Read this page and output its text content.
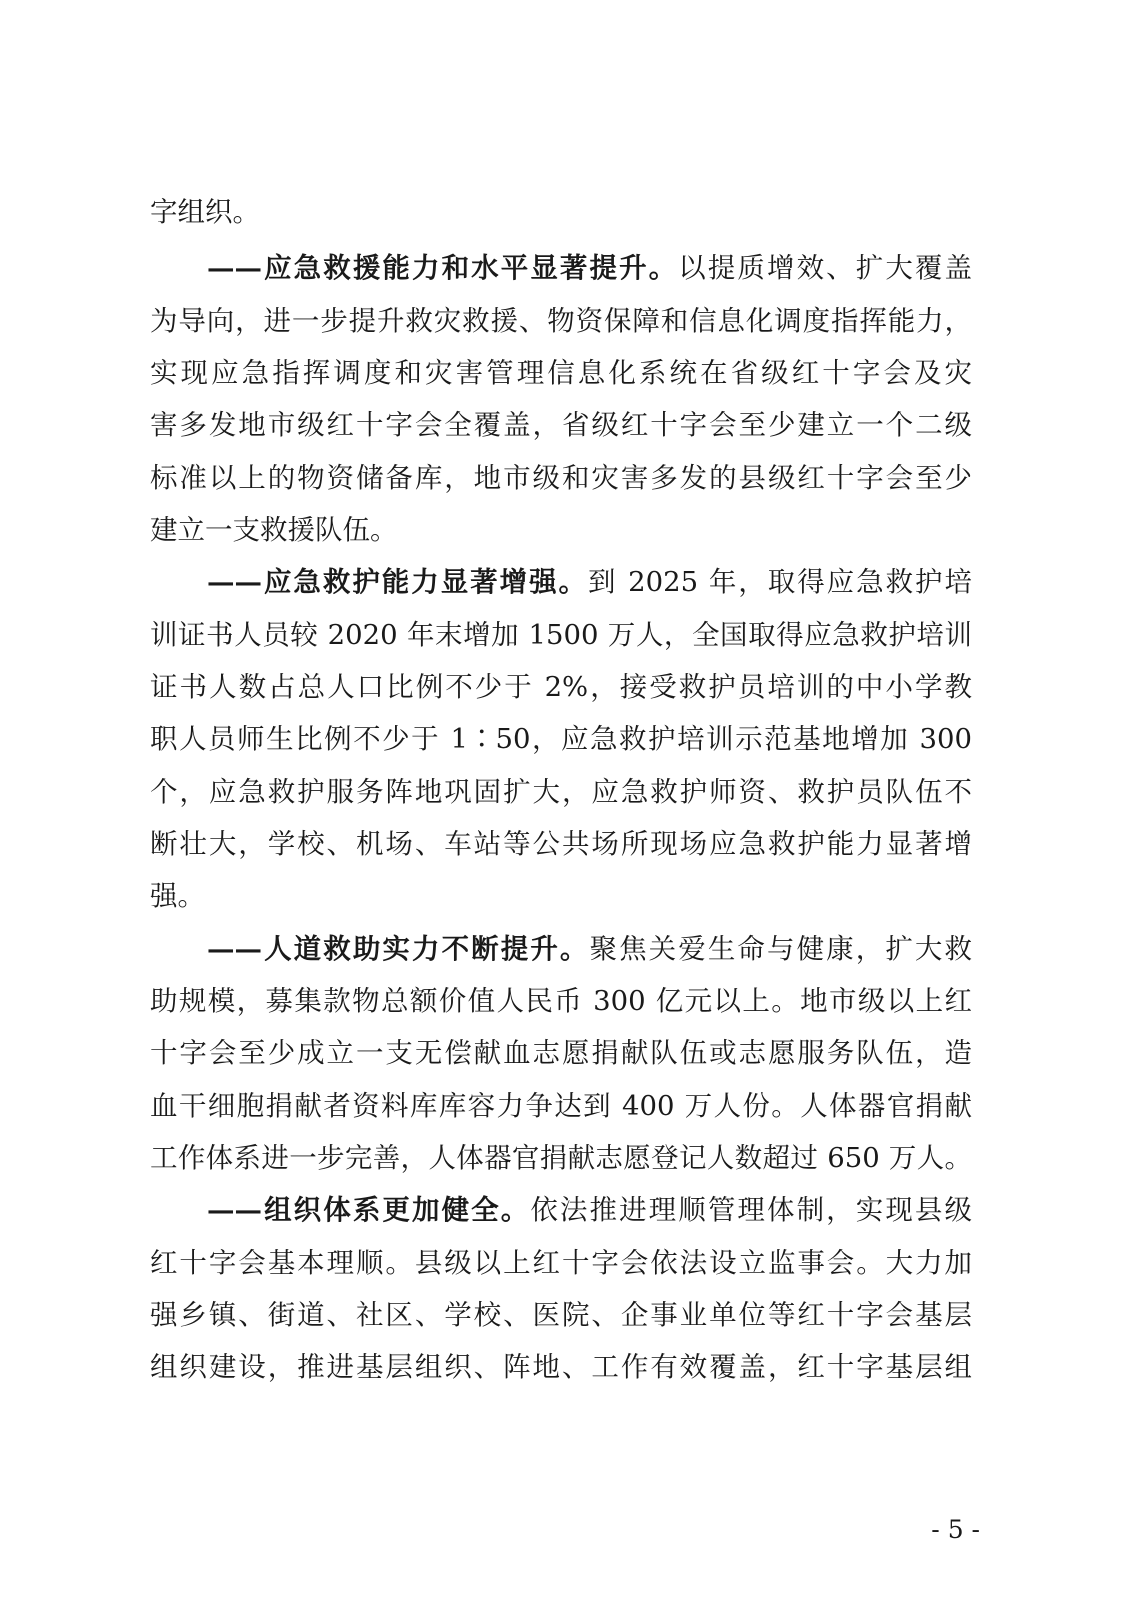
字组织。
——应急救援能力和水平显著提升。以提质增效、扩大覆盖
为导向，进一步提升救灾救援、物资保障和信息化调度指挥能力，
实现应急指挥调度和灾害管理信息化系统在省级红十字会及灾
害多发地市级红十字会全覆盖，省级红十字会至少建立一个二级
标准以上的物资储备库，地市级和灾害多发的县级红十字会至少
建立一支救援队伍。
——应急救护能力显著增强。到 2025 年，取得应急救护培
训证书人员较 2020 年末增加 1500 万人，全国取得应急救护培训
证书人数占总人口比例不少于 2%，接受救护员培训的中小学教
职人员师生比例不少于 1∶50，应急救护培训示范基地增加 300
个，应急救护服务阵地巩固扩大，应急救护师资、救护员队伍不
断壮大，学校、机场、车站等公共场所现场应急救护能力显著增
强。
——人道救助实力不断提升。聚焦关爱生命与健康，扩大救
助规模，募集款物总额价值人民币 300 亿元以上。地市级以上红
十字会至少成立一支无偿献血志愿捐献队伍或志愿服务队伍，造
血干细胞捐献者资料库库容力争达到 400 万人份。人体器官捐献
工作体系进一步完善，人体器官捐献志愿登记人数超过 650 万人。
——组织体系更加健全。依法推进理顺管理体制，实现县级
红十字会基本理顺。县级以上红十字会依法设立监事会。大力加
强乡镇、街道、社区、学校、医院、企事业单位等红十字会基层
组织建设，推进基层组织、阵地、工作有效覆盖，红十字基层组
- 5 -
